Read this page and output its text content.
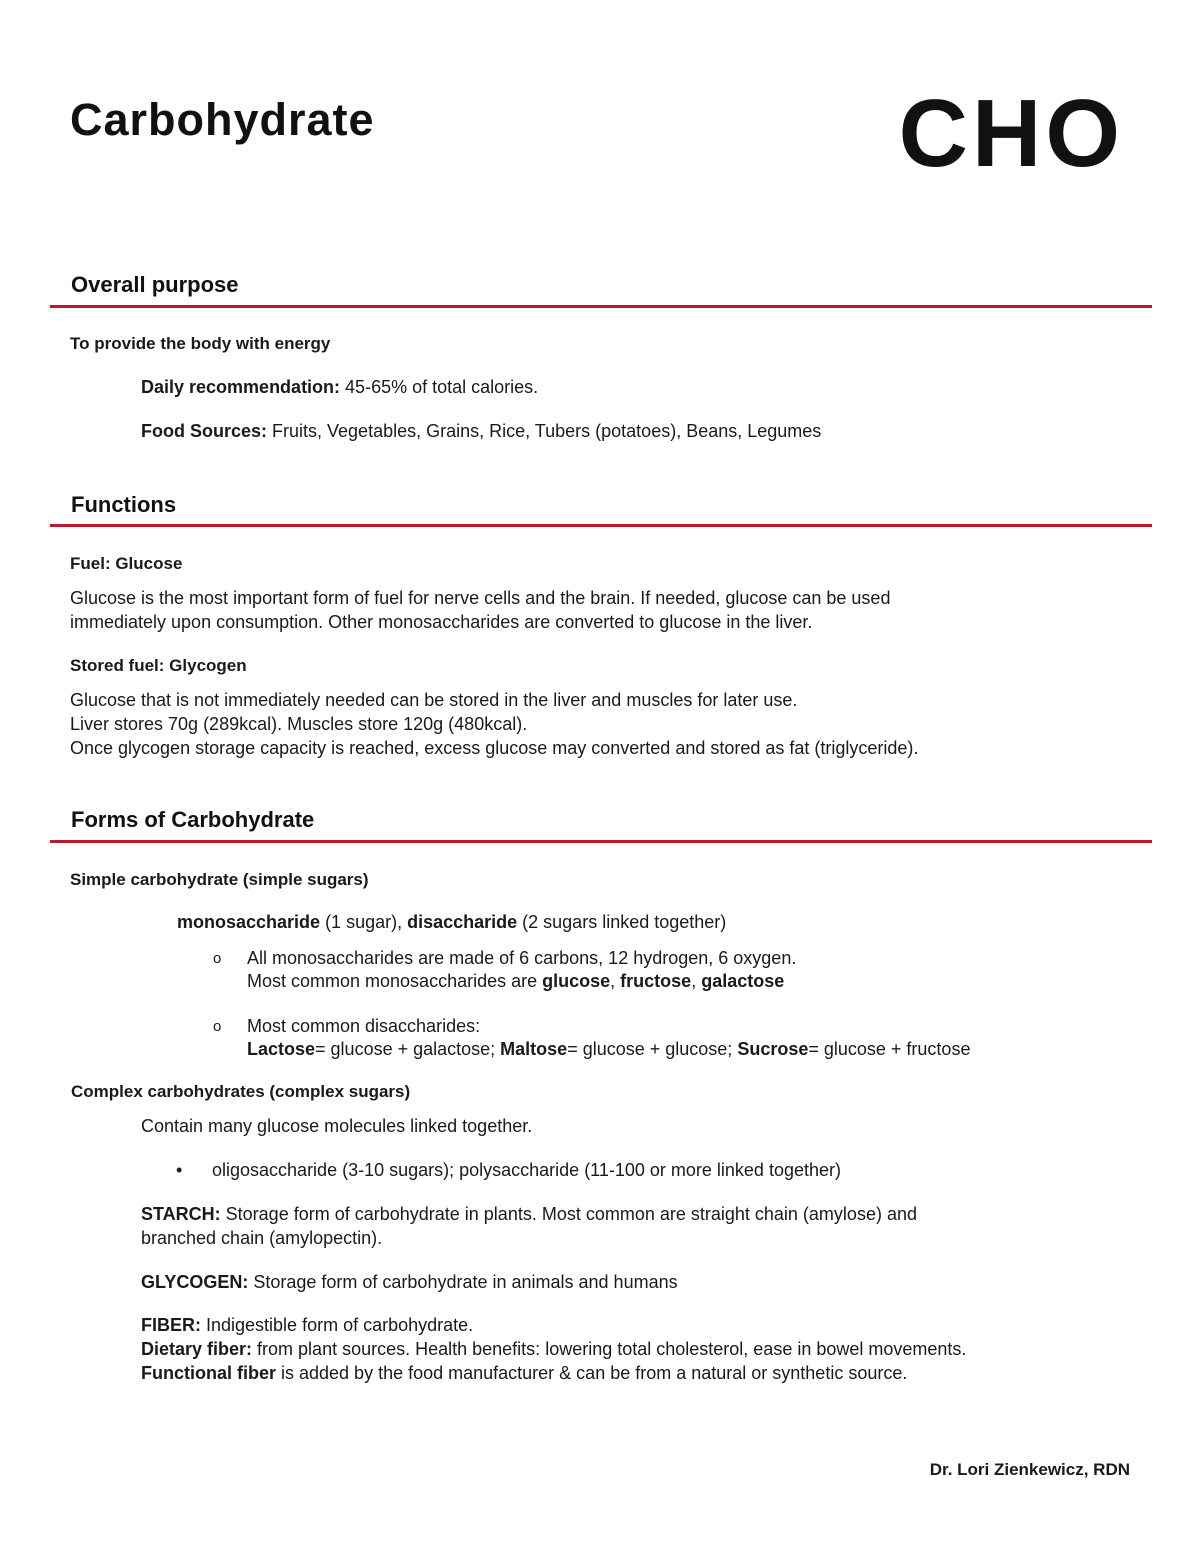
Carbohydrate	CHO
Overall purpose
To provide the body with energy
Daily recommendation: 45-65% of total calories.
Food Sources: Fruits, Vegetables, Grains, Rice, Tubers (potatoes), Beans, Legumes
Functions
Fuel: Glucose
Glucose is the most important form of fuel for nerve cells and the brain. If needed, glucose can be used
immediately upon consumption. Other monosaccharides are converted to glucose in the liver.
Stored fuel: Glycogen
Glucose that is not immediately needed can be stored in the liver and muscles for later use.
Liver stores 70g (289kcal). Muscles store 120g (480kcal).
Once glycogen storage capacity is reached, excess glucose may converted and stored as fat (triglyceride).
Forms of Carbohydrate
Simple carbohydrate (simple sugars)
monosaccharide (1 sugar), disaccharide (2 sugars linked together)
o All monosaccharides are made of 6 carbons, 12 hydrogen, 6 oxygen.
Most common monosaccharides are glucose, fructose, galactose
o Most common disaccharides:
Lactose= glucose + galactose; Maltose= glucose + glucose; Sucrose= glucose + fructose
Complex carbohydrates (complex sugars)
Contain many glucose molecules linked together.
• oligosaccharide (3-10 sugars); polysaccharide (11-100 or more linked together)
STARCH: Storage form of carbohydrate in plants. Most common are straight chain (amylose) and
branched chain (amylopectin).
GLYCOGEN: Storage form of carbohydrate in animals and humans
FIBER: Indigestible form of carbohydrate.
Dietary fiber: from plant sources. Health benefits: lowering total cholesterol, ease in bowel movements.
Functional fiber is added by the food manufacturer & can be from a natural or synthetic source.
Dr. Lori Zienkewicz, RDN
